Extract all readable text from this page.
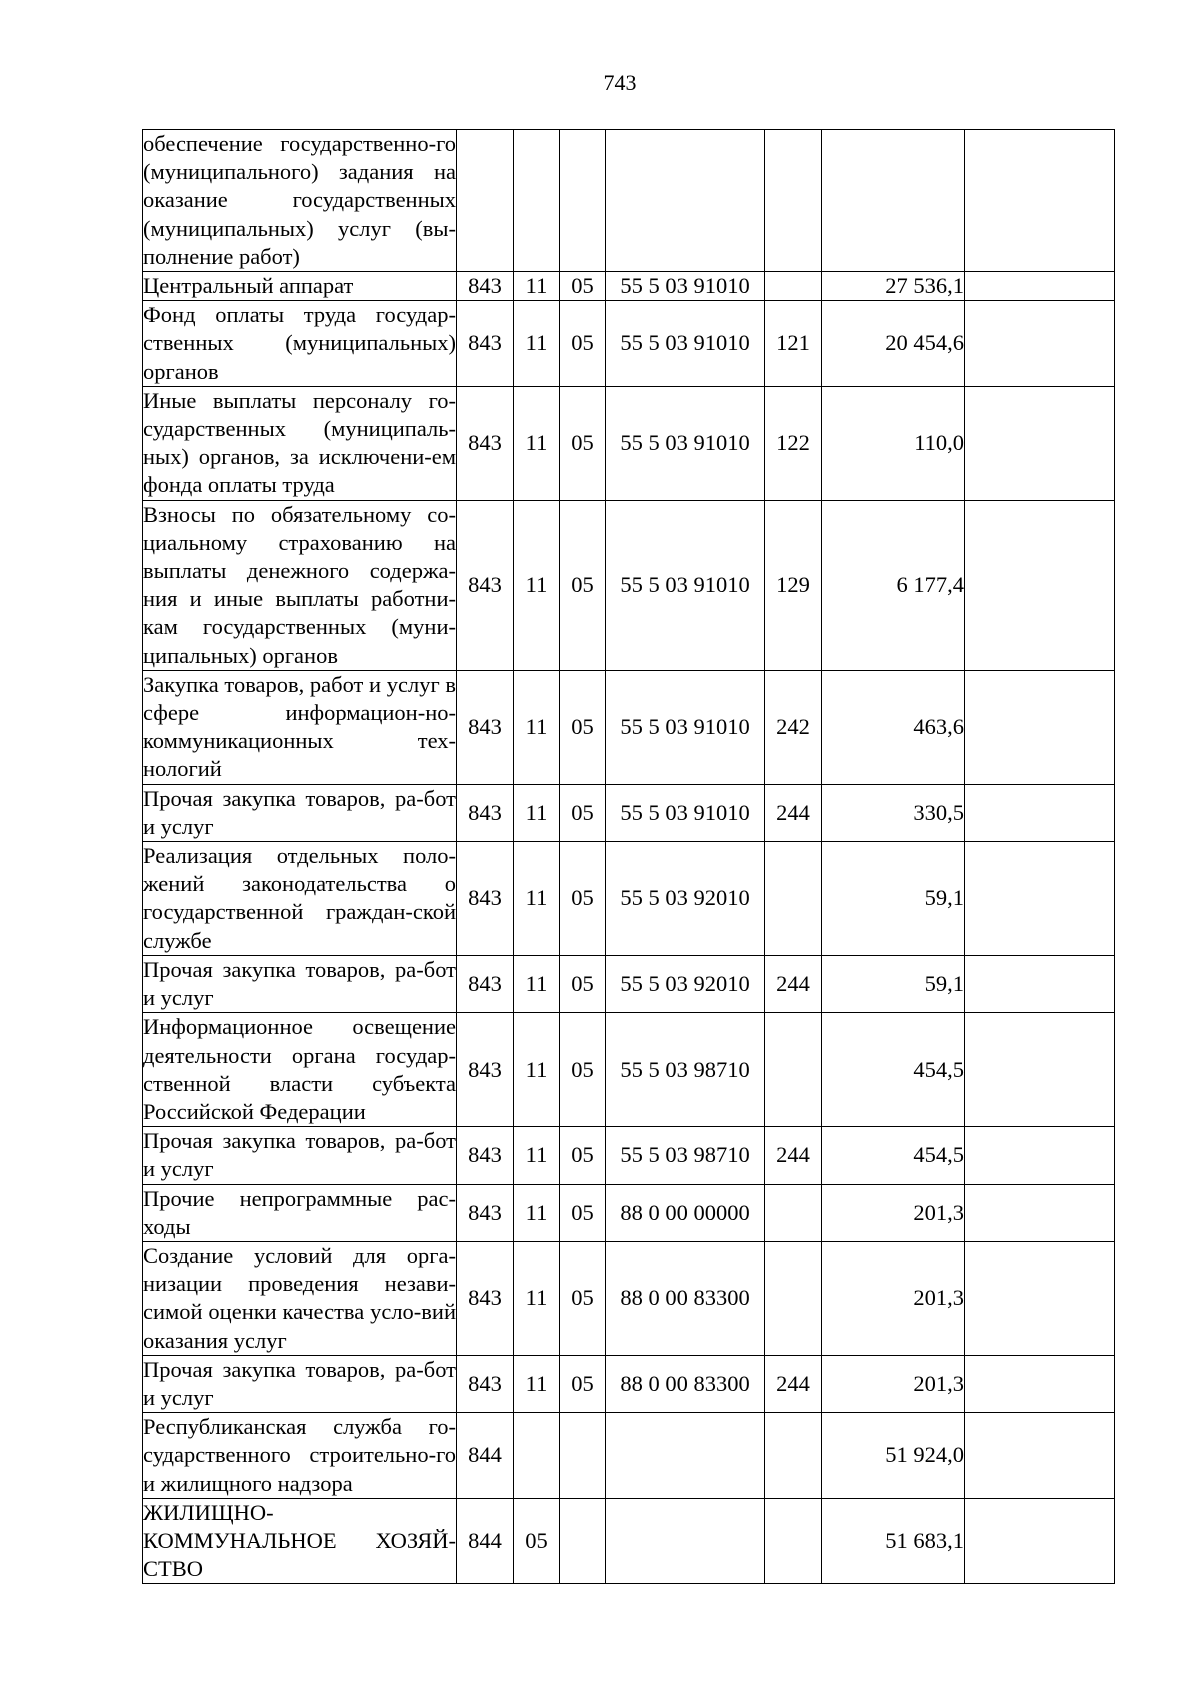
743
обеспечение государственно-го (муниципального) задания на оказание государственных (муниципальных) услуг (вы-полнение работ)							
Центральный аппарат	843	11	05	55 5 03 91010		27 536,1	
Фонд оплаты труда государ-ственных (муниципальных) органов	843	11	05	55 5 03 91010	121	20 454,6	
Иные выплаты персоналу го-сударственных (муниципаль-ных) органов, за исключени-ем фонда оплаты труда	843	11	05	55 5 03 91010	122	110,0	
Взносы по обязательному со-циальному страхованию на выплаты денежного содержа-ния и иные выплаты работни-кам государственных (муни-ципальных) органов	843	11	05	55 5 03 91010	129	6 177,4	
Закупка товаров, работ и услуг в сфере информацион-но-коммуникационных тех-нологий	843	11	05	55 5 03 91010	242	463,6	
Прочая закупка товаров, ра-бот и услуг	843	11	05	55 5 03 91010	244	330,5	
Реализация отдельных поло-жений законодательства о государственной граждан-ской службе	843	11	05	55 5 03 92010		59,1	
Прочая закупка товаров, ра-бот и услуг	843	11	05	55 5 03 92010	244	59,1	
Информационное освещение деятельности органа государ-ственной власти субъекта Российской Федерации	843	11	05	55 5 03 98710		454,5	
Прочая закупка товаров, ра-бот и услуг	843	11	05	55 5 03 98710	244	454,5	
Прочие непрограммные рас-ходы	843	11	05	88 0 00 00000		201,3	
Создание условий для орга-низации проведения незави-симой оценки качества усло-вий оказания услуг	843	11	05	88 0 00 83300		201,3	
Прочая закупка товаров, ра-бот и услуг	843	11	05	88 0 00 83300	244	201,3	
Республиканская служба го-сударственного строительно-го и жилищного надзора	844					51 924,0	
ЖИЛИЩНО-КОММУНАЛЬНОЕ ХОЗЯЙ-СТВО	844	05				51 683,1	
